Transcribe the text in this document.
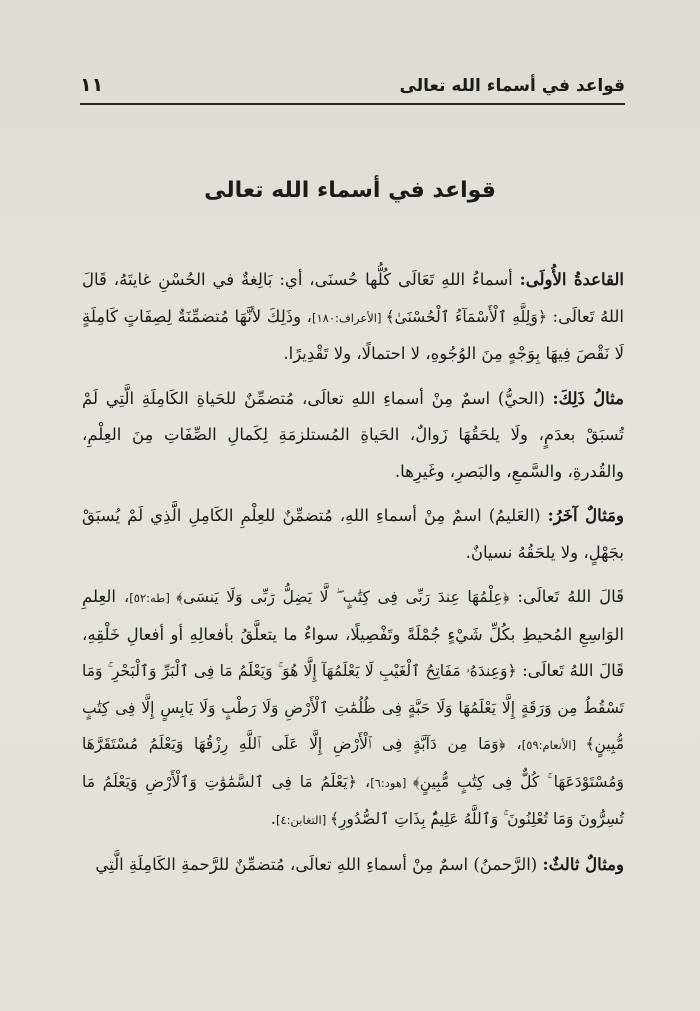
قواعد في أسماء الله تعالى
١١
قواعد في أسماء الله تعالى

القاعدةُ الأُولَى: أسماءُ اللهِ تَعَالَى كُلُّها حُسنَى، أي: بَالِغةٌ في الحُسْنِ غايتَهُ، قَالَ اللهُ تَعالَى: ﴿وَلِلَّهِ ٱلْأَسْمَآءُ ٱلْحُسْنَىٰ﴾ [الأعراف:١٨٠]، وذَلِكَ لأنَّهَا مُتضمِّنَةٌ لِصِفَاتٍ كَامِلَةٍ لَا نَقْصَ فِيهَا بِوَجْهٍ مِنَ الوُجُوهِ، لا احتمالًا، ولا تَقْدِيرًا.

مثالُ ذَلِكَ: (الحيُّ) اسمٌ مِنْ أسماءِ اللهِ تعالَى، مُتضمِّنٌ للحَياةِ الكَامِلَةِ الَّتِي لَمْ تُسبَقْ بعدَمٍ، ولَا يلحَقُهَا زَوالٌ، الحَياةِ المُستلزمَةِ لِكَمالِ الصِّفَاتِ مِنَ العِلْمِ، والقُدرةِ، والسَّمعِ، والبَصرِ، وغَيرِها.

ومَثالٌ آخَرُ: (العَليمُ) اسمٌ مِنْ أسماءِ اللهِ، مُتضمِّنٌ للعِلْمِ الكَامِلِ الَّذِي لَمْ يُسبَقْ بجَهْلٍ، ولا يلحَقُهُ نسيانٌ.

قَالَ اللهُ تَعالَى: ﴿عِلْمُهَا عِندَ رَبِّى فِى كِتَٰبٍ ۖ لَّا يَضِلُّ رَبِّى وَلَا يَنسَى﴾ [طه:٥٢]، العِلمِ الوَاسِعِ المُحيطِ بكُلِّ شَيْءٍ جُمْلَةً وتَفْصِيلًا، سواءٌ ما يتعلَّقُ بأفعالِهِ أو أفعالِ خَلْقِهِ، قَالَ اللهُ تَعالَى: ﴿وَعِندَهُۥ مَفَاتِحُ ٱلْغَيْبِ لَا يَعْلَمُهَآ إِلَّا هُوَ ۚ وَيَعْلَمُ مَا فِى ٱلْبَرِّ وَٱلْبَحْرِ ۚ وَمَا تَسْقُطُ مِن وَرَقَةٍ إِلَّا يَعْلَمُهَا وَلَا حَبَّةٍ فِى ظُلُمَٰتِ ٱلْأَرْضِ وَلَا رَطْبٍ وَلَا يَابِسٍ إِلَّا فِى كِتَٰبٍ مُّبِينٍ﴾ [الأنعام:٥٩]، ﴿وَمَا مِن دَآبَّةٍ فِى ٱلْأَرْضِ إِلَّا عَلَى ٱللَّهِ رِزْقُهَا وَيَعْلَمُ مُسْتَقَرَّهَا وَمُسْتَوْدَعَهَا ۚ كُلٌّ فِى كِتَٰبٍ مُّبِينٍ﴾ [هود:٦]، ﴿يَعْلَمُ مَا فِى ٱلسَّمَٰوَٰتِ وَٱلْأَرْضِ وَيَعْلَمُ مَا تُسِرُّونَ وَمَا تُعْلِنُونَ ۚ وَٱللَّهُ عَلِيمٌۢ بِذَاتِ ٱلصُّدُورِ﴾ [التغابن:٤].

ومثالٌ ثالثٌ: (الرَّحمنُ) اسمٌ مِنْ أسماءِ اللهِ تعالَى، مُتضمِّنٌ للرَّحمةِ الكَامِلَةِ الَّتِي
